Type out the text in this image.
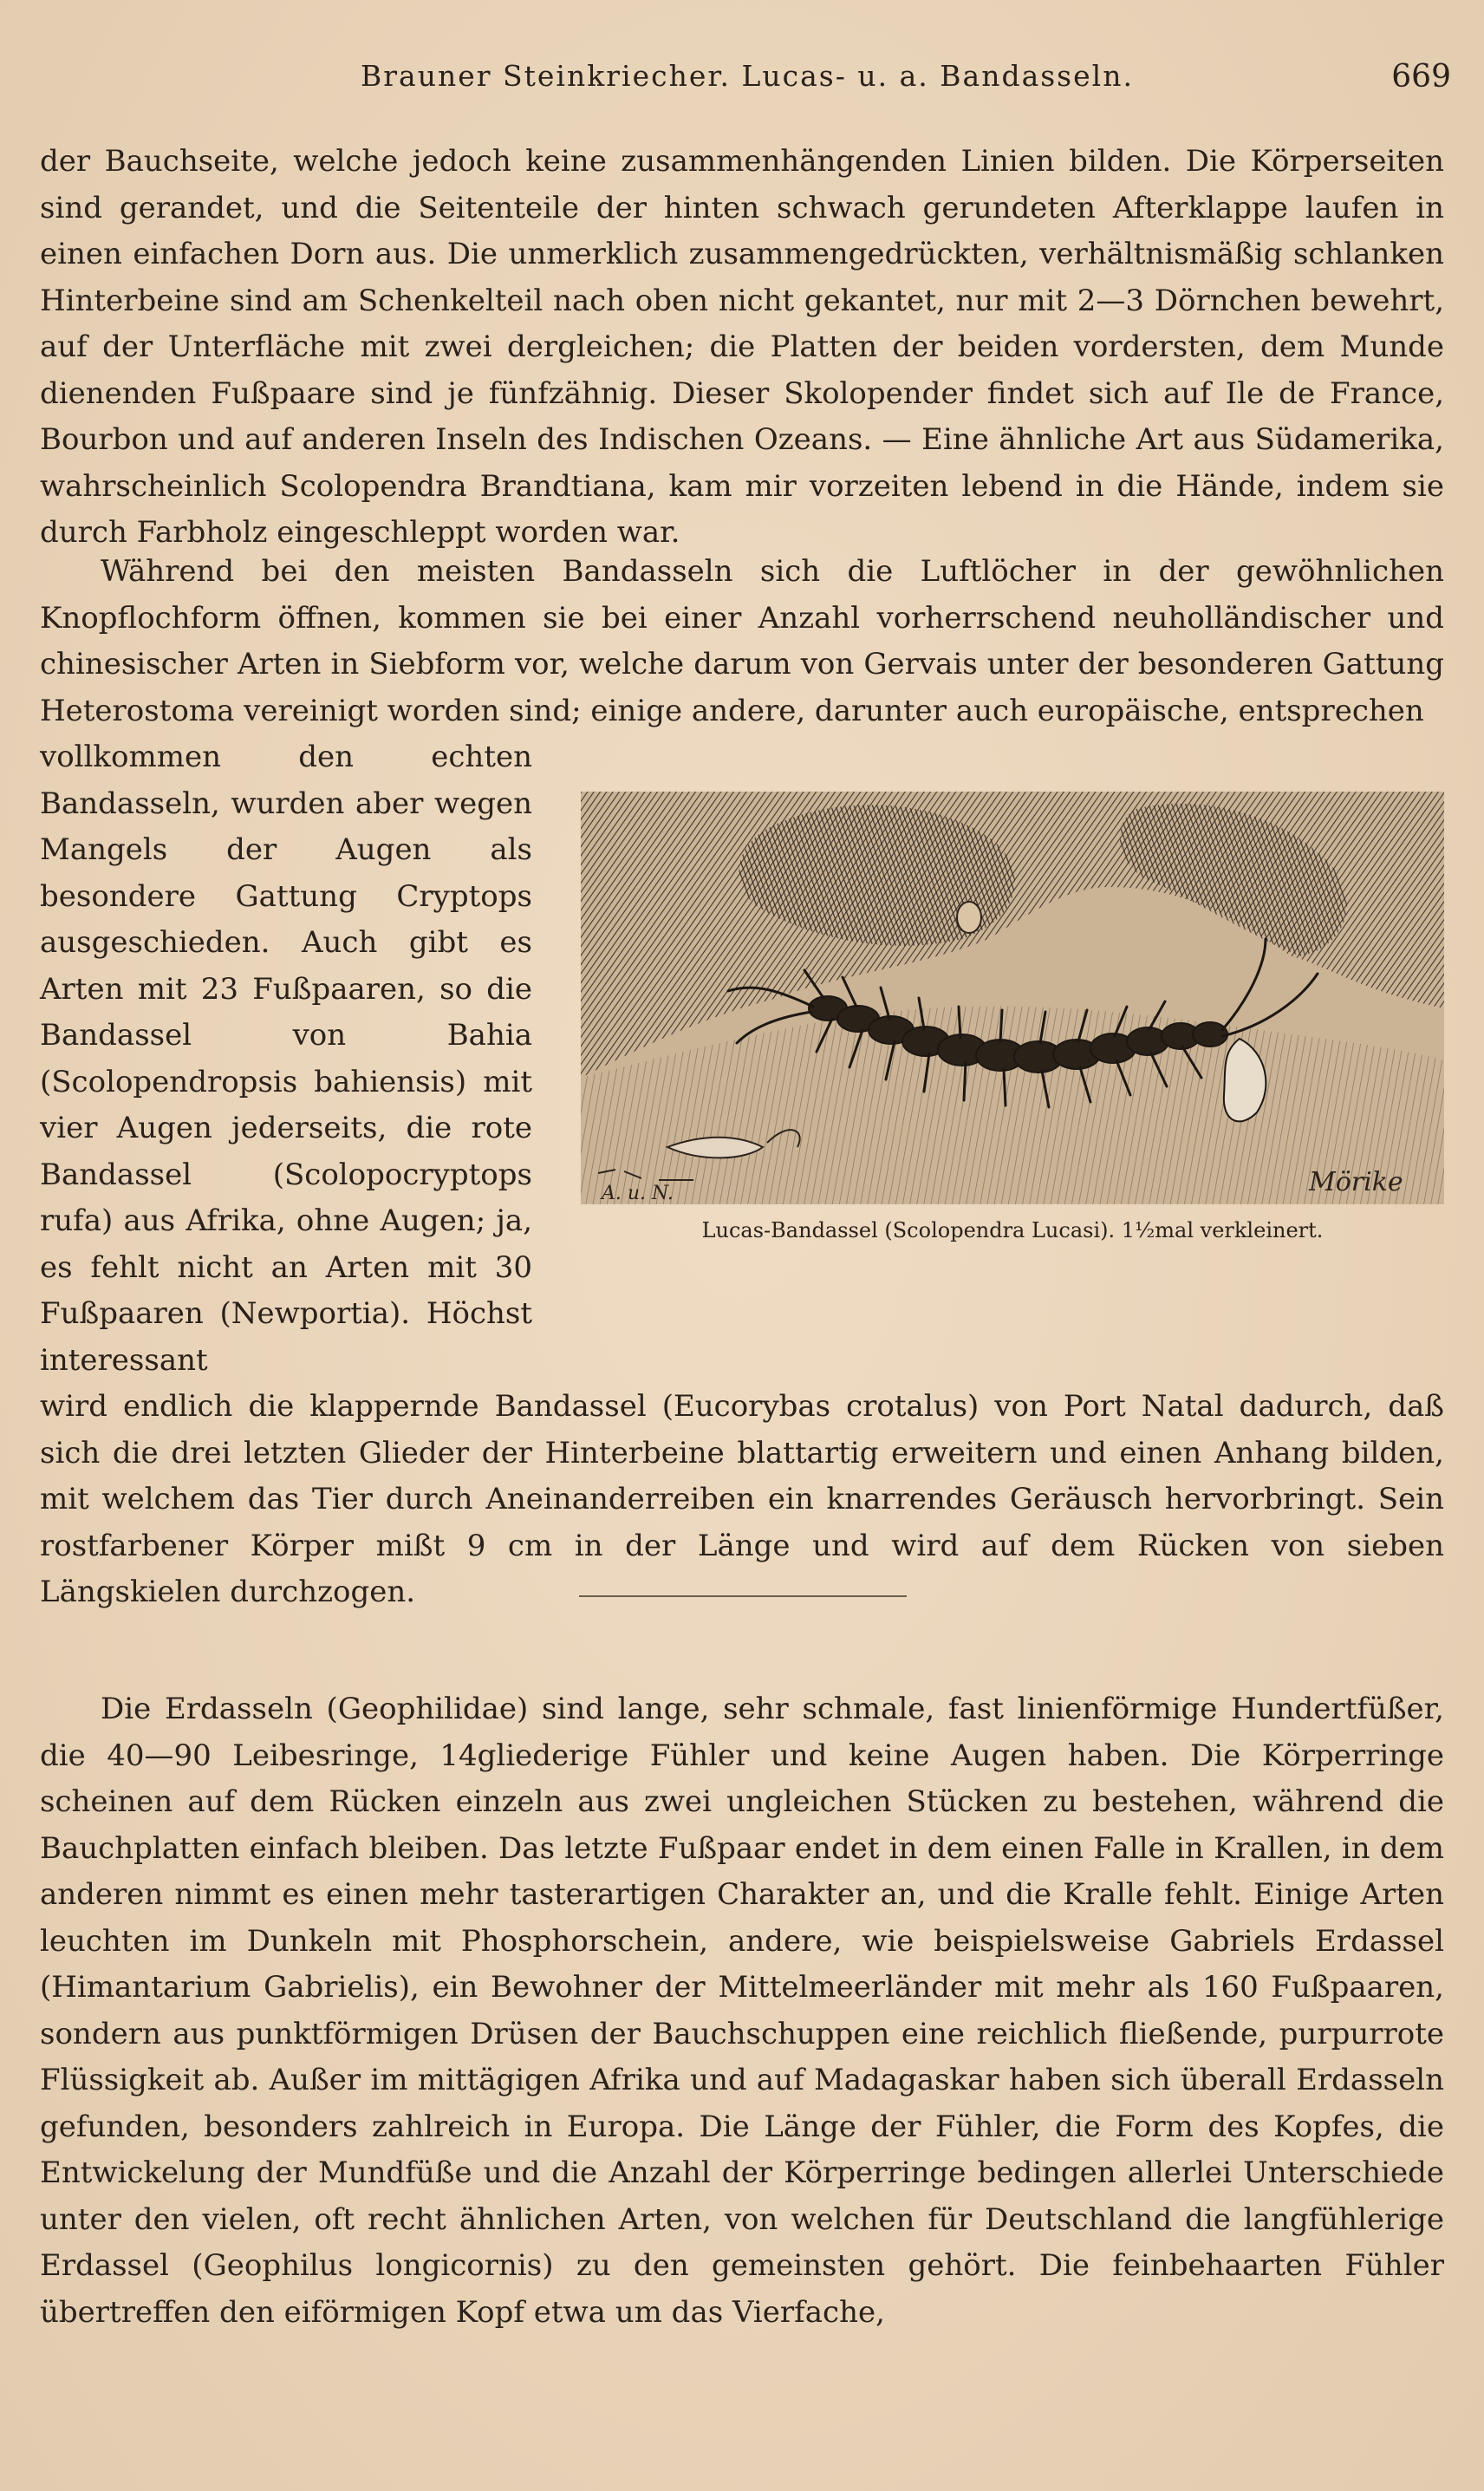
Brauner Steinkriecher. Lucas- u. a. Bandasseln.	669

der Bauchseite, welche jedoch keine zusammenhängenden Linien bilden. Die Körperseiten sind gerandet, und die Seitenteile der hinten schwach gerundeten Afterklappe laufen in einen einfachen Dorn aus. Die unmerklich zusammengedrückten, verhältnismäßig schlanken Hinterbeine sind am Schenkelteil nach oben nicht gekantet, nur mit 2—3 Dörnchen bewehrt, auf der Unterfläche mit zwei dergleichen; die Platten der beiden vordersten, dem Munde dienenden Fußpaare sind je fünfzähnig. Dieser Skolopender findet sich auf Ile de France, Bourbon und auf anderen Inseln des Indischen Ozeans. — Eine ähnliche Art aus Südamerika, wahrscheinlich Scolopendra Brandtiana, kam mir vorzeiten lebend in die Hände, indem sie durch Farbholz eingeschleppt worden war.

Während bei den meisten Bandasseln sich die Luftlöcher in der gewöhnlichen Knopflochform öffnen, kommen sie bei einer Anzahl vorherrschend neuholländischer und chinesischer Arten in Siebform vor, welche darum von Gervais unter der besonderen Gattung Heterostoma vereinigt worden sind; einige andere, darunter auch europäische, entsprechen

vollkommen den echten Bandasseln, wurden aber wegen Mangels der Augen als besondere Gattung Cryptops ausgeschieden. Auch gibt es Arten mit 23 Fußpaaren, so die Bandassel von Bahia (Scolopendropsis bahiensis) mit vier Augen jederseits, die rote Bandassel (Scolopocryptops rufa) aus Afrika, ohne Augen; ja, es fehlt nicht an Arten mit 30 Fußpaaren (Newportia). Höchst interessant

wird endlich die klappernde Bandassel (Eucorybas crotalus) von Port Natal dadurch, daß sich die drei letzten Glieder der Hinterbeine blattartig erweitern und einen Anhang bilden, mit welchem das Tier durch Aneinanderreiben ein knarrendes Geräusch hervorbringt. Sein rostfarbener Körper mißt 9 cm in der Länge und wird auf dem Rücken von sieben Längskielen durchzogen.

A. u. N.	Mörike
Lucas-Bandassel (Scolopendra Lucasi). 1½mal verkleinert.

Die Erdasseln (Geophilidae) sind lange, sehr schmale, fast linienförmige Hundertfüßer, die 40—90 Leibesringe, 14gliederige Fühler und keine Augen haben. Die Körperringe scheinen auf dem Rücken einzeln aus zwei ungleichen Stücken zu bestehen, während die Bauchplatten einfach bleiben. Das letzte Fußpaar endet in dem einen Falle in Krallen, in dem anderen nimmt es einen mehr tasterartigen Charakter an, und die Kralle fehlt. Einige Arten leuchten im Dunkeln mit Phosphorschein, andere, wie beispielsweise Gabriels Erdassel (Himantarium Gabrielis), ein Bewohner der Mittelmeerländer mit mehr als 160 Fußpaaren, sondern aus punktförmigen Drüsen der Bauchschuppen eine reichlich fließende, purpurrote Flüssigkeit ab. Außer im mittägigen Afrika und auf Madagaskar haben sich überall Erdasseln gefunden, besonders zahlreich in Europa. Die Länge der Fühler, die Form des Kopfes, die Entwickelung der Mundfüße und die Anzahl der Körperringe bedingen allerlei Unterschiede unter den vielen, oft recht ähnlichen Arten, von welchen für Deutschland die langfühlerige Erdassel (Geophilus longicornis) zu den gemeinsten gehört. Die feinbehaarten Fühler übertreffen den eiförmigen Kopf etwa um das Vierfache,
